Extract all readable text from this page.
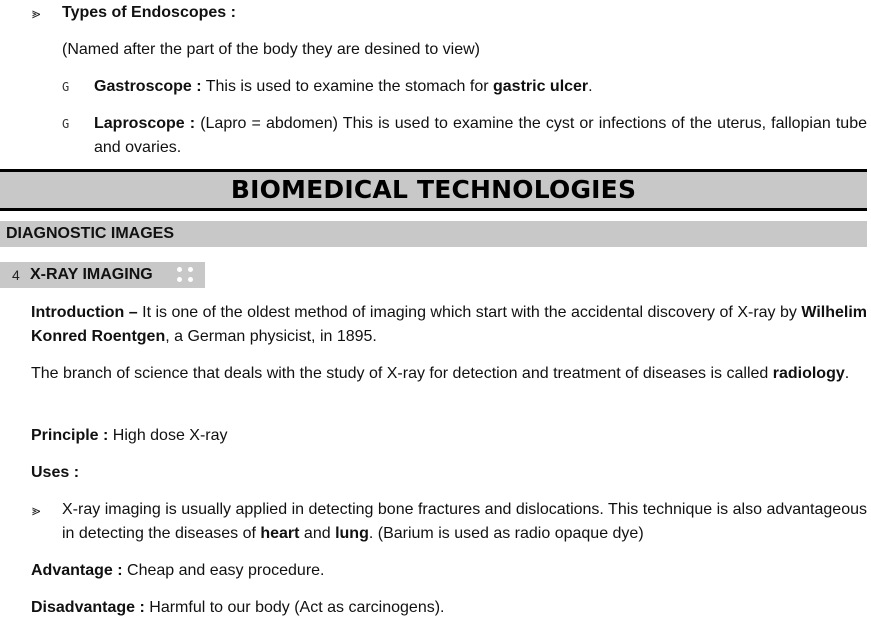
⪢ Types of Endoscopes :
(Named after the part of the body they are desined to view)
G Gastroscope : This is used to examine the stomach for gastric ulcer.
G Laproscope : (Lapro = abdomen) This is used to examine the cyst or infections of the uterus, fallopian tube and ovaries.
BIOMEDICAL TECHNOLOGIES
DIAGNOSTIC IMAGES
4 X-RAY IMAGING
Introduction – It is one of the oldest method of imaging which start with the accidental discovery of X-ray by Wilhelim Konred Roentgen, a German physicist, in 1895.
The branch of science that deals with the study of X-ray for detection and treatment of diseases is called radiology.
Principle : High dose X-ray
Uses :
⪢ X-ray imaging is usually applied in detecting bone fractures and dislocations. This technique is also advantageous in detecting the diseases of heart and lung. (Barium is used as radio opaque dye)
Advantage : Cheap and easy procedure.
Disadvantage : Harmful to our body (Act as carcinogens).
